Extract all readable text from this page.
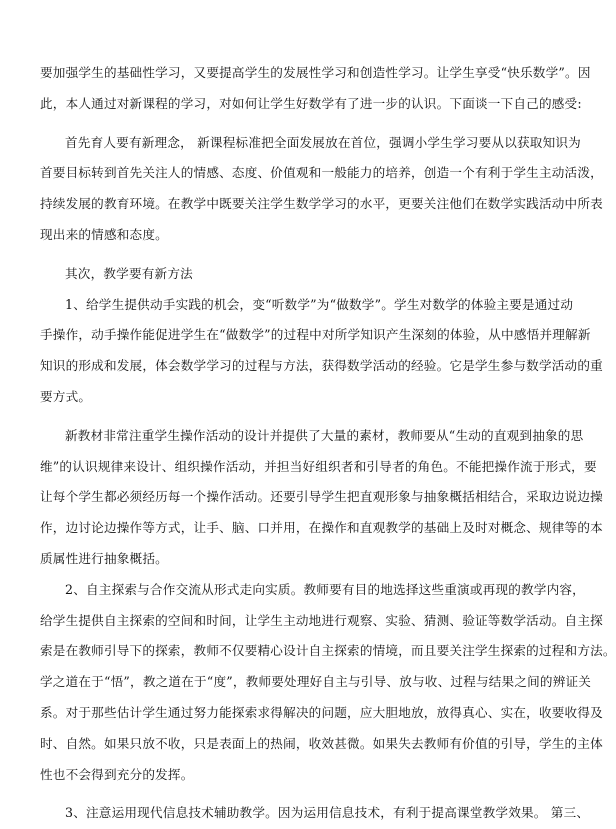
要加强学生的基础性学习，又要提高学生的发展性学习和创造性学习。让学生享受“快乐数学”。因
此，本人通过对新课程的学习，对如何让学生好数学有了进一步的认识。下面谈一下自己的感受:
首先育人要有新理念， 新课程标准把全面发展放在首位，强调小学生学习要从以获取知识为
首要目标转到首先关注人的情感、态度、价值观和一般能力的培养，创造一个有利于学生主动活泼，
持续发展的教育环境。在教学中既要关注学生数学学习的水平，更要关注他们在数学实践活动中所表
现出来的情感和态度。
其次，教学要有新方法
1、给学生提供动手实践的机会，变“听数学”为“做数学”。学生对数学的体验主要是通过动
手操作，动手操作能促进学生在“做数学”的过程中对所学知识产生深刻的体验，从中感悟并理解新
知识的形成和发展，体会数学学习的过程与方法，获得数学活动的经验。它是学生参与数学活动的重
要方式。
新教材非常注重学生操作活动的设计并提供了大量的素材，教师要从“生动的直观到抽象的思
维”的认识规律来设计、组织操作活动，并担当好组织者和引导者的角色。不能把操作流于形式，要
让每个学生都必须经历每一个操作活动。还要引导学生把直观形象与抽象概括相结合，采取边说边操
作，边讨论边操作等方式，让手、脑、口并用，在操作和直观教学的基础上及时对概念、规律等的本
质属性进行抽象概括。
2、自主探索与合作交流从形式走向实质。教师要有目的地选择这些重演或再现的教学内容，
给学生提供自主探索的空间和时间，让学生主动地进行观察、实验、猜测、验证等数学活动。自主探
索是在教师引导下的探索，教师不仅要精心设计自主探索的情境，而且要关注学生探索的过程和方法。
学之道在于“悟”，教之道在于“度”，教师要处理好自主与引导、放与收、过程与结果之间的辨证关
系。对于那些估计学生通过努力能探索求得解决的问题，应大胆地放，放得真心、实在，收要收得及
时、自然。如果只放不收，只是表面上的热闹，收效甚微。如果失去教师有价值的引导，学生的主体
性也不会得到充分的发挥。
3、注意运用现代信息技术辅助教学。因为运用信息技术，有利于提高课堂教学效果。 第三、
